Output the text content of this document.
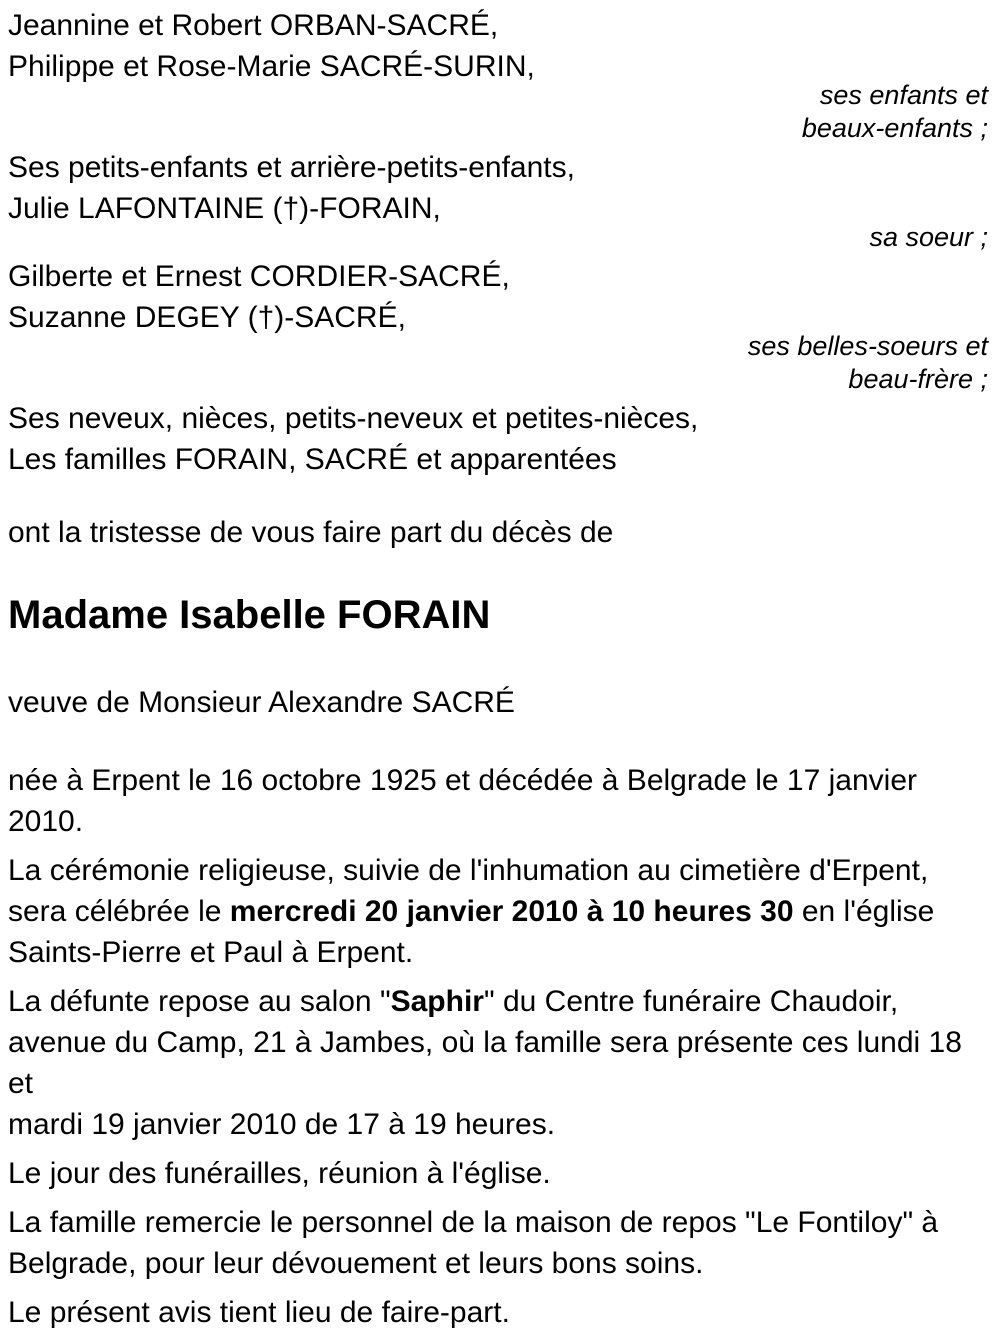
Jeannine et Robert ORBAN-SACRÉ,
Philippe et Rose-Marie SACRÉ-SURIN,
ses enfants et
beaux-enfants ;
Ses petits-enfants et arrière-petits-enfants,
Julie LAFONTAINE (†)-FORAIN,
sa soeur ;
Gilberte et Ernest CORDIER-SACRÉ,
Suzanne DEGEY (†)-SACRÉ,
ses belles-soeurs et
beau-frère ;
Ses neveux, nièces, petits-neveux et petites-nièces,
Les familles FORAIN, SACRÉ et apparentées
ont la tristesse de vous faire part du décès de
Madame Isabelle FORAIN
veuve de Monsieur Alexandre SACRÉ
née à Erpent le 16 octobre 1925 et décédée à Belgrade le 17 janvier 2010.
La cérémonie religieuse, suivie de l'inhumation au cimetière d'Erpent,
sera célébrée le mercredi 20 janvier 2010 à 10 heures 30 en l'église
Saints-Pierre et Paul à Erpent.
La défunte repose au salon "Saphir" du Centre funéraire Chaudoir,
avenue du Camp, 21 à Jambes, où la famille sera présente ces lundi 18 et
mardi 19 janvier 2010 de 17 à 19 heures.
Le jour des funérailles, réunion à l'église.
La famille remercie le personnel de la maison de repos "Le Fontiloy" à
Belgrade, pour leur dévouement et leurs bons soins.
Le présent avis tient lieu de faire-part.
